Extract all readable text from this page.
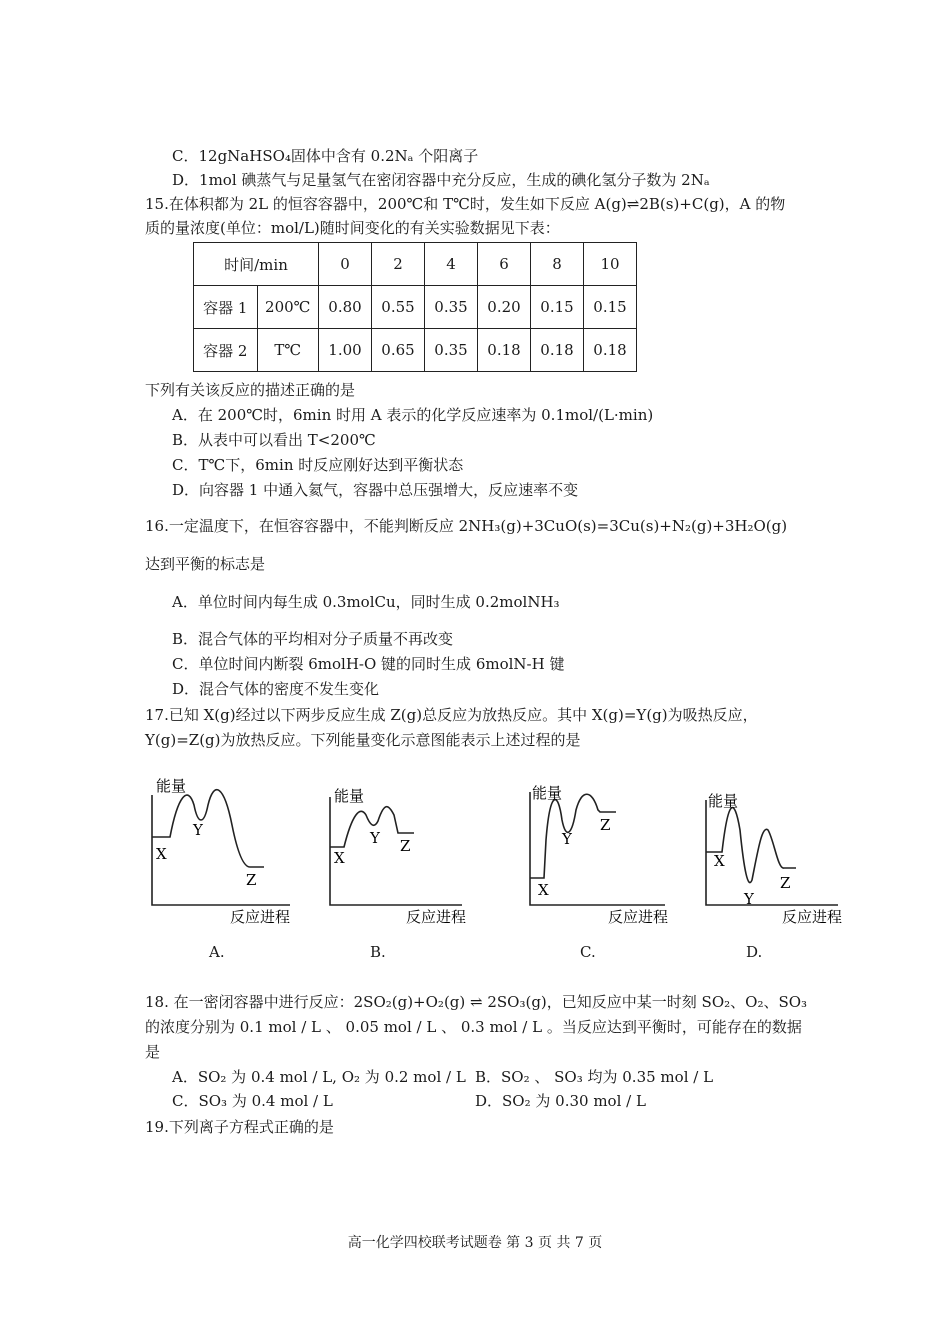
C．12gNaHSO₄固体中含有 0.2Nₐ 个阳离子
D．1mol 碘蒸气与足量氢气在密闭容器中充分反应，生成的碘化氢分子数为 2Nₐ
15.在体积都为 2L 的恒容容器中，200℃和 T℃时，发生如下反应 A(g)⇌2B(s)+C(g)，A 的物
质的量浓度(单位：mol/L)随时间变化的有关实验数据见下表：
时间/min		0	2	4	6	8	10
容器 1	200℃	0.80	0.55	0.35	0.20	0.15	0.15
容器 2	T℃	1.00	0.65	0.35	0.18	0.18	0.18
下列有关该反应的描述正确的是
A．在 200℃时，6min 时用 A 表示的化学反应速率为 0.1mol/(L·min)
B．从表中可以看出 T<200℃
C．T℃下，6min 时反应刚好达到平衡状态
D．向容器 1 中通入氦气，容器中总压强增大，反应速率不变
16.一定温度下，在恒容容器中，不能判断反应 2NH₃(g)+3CuO(s)=3Cu(s)+N₂(g)+3H₂O(g)
达到平衡的标志是
A．单位时间内每生成 0.3molCu，同时生成 0.2molNH₃
B．混合气体的平均相对分子质量不再改变
C．单位时间内断裂 6molH-O 键的同时生成 6molN-H 键
D．混合气体的密度不发生变化
17.已知 X(g)经过以下两步反应生成 Z(g)总反应为放热反应。其中 X(g)=Y(g)为吸热反应，
Y(g)=Z(g)为放热反应。下列能量变化示意图能表示上述过程的是
能量
X
Y
Z
反应进程
能量
X
Y Z
反应进程
能量
X
Y
Z
反应进程
能量
X
Y
Z
反应进程
A.	B.	C.	D.
18. 在一密闭容器中进行反应：2SO₂(g)+O₂(g) ⇌ 2SO₃(g)，已知反应中某一时刻 SO₂、O₂、SO₃
的浓度分别为 0.1 mol / L 、 0.05 mol / L 、 0.3 mol / L 。当反应达到平衡时，可能存在的数据
是
A．SO₂ 为 0.4 mol / L, O₂ 为 0.2 mol / L B．SO₂ 、 SO₃ 均为 0.35 mol / L
C．SO₃ 为 0.4 mol / L	D．SO₂ 为 0.30 mol / L
19.下列离子方程式正确的是
高一化学四校联考试题卷 第 3 页 共 7 页
